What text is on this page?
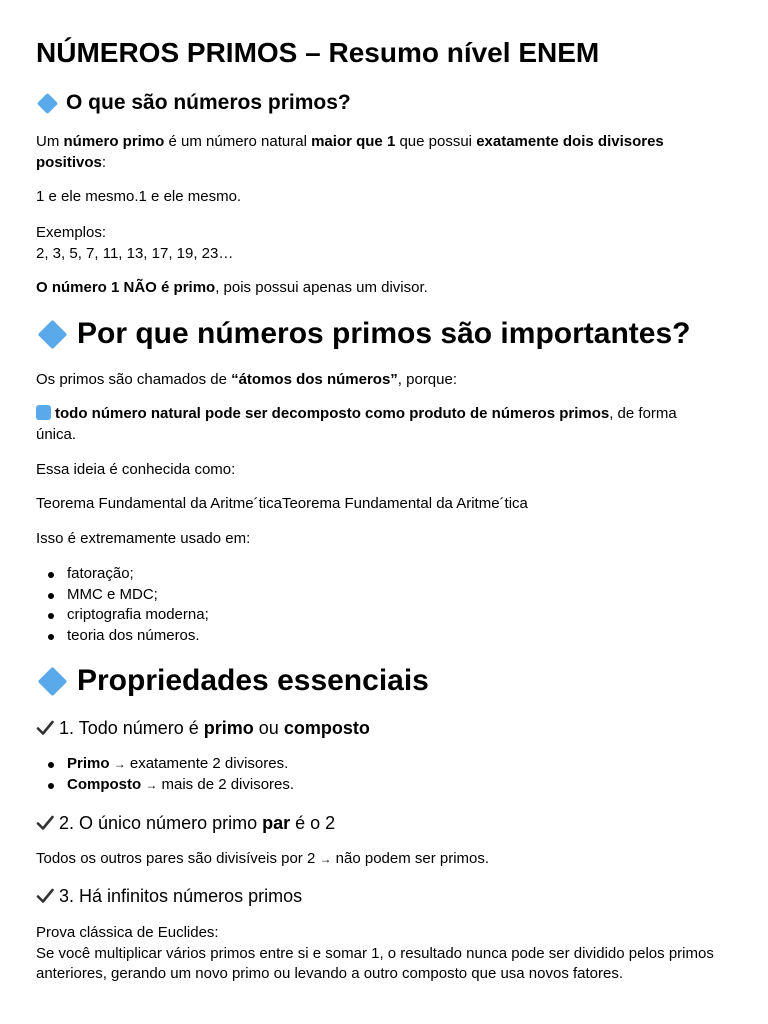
NÚMEROS PRIMOS – Resumo nível ENEM
O que são números primos?

Um número primo é um número natural maior que 1 que possui exatamente dois divisores positivos:

1 e ele mesmo.1 e ele mesmo.

Exemplos:
2, 3, 5, 7, 11, 13, 17, 19, 23…

O número 1 NÃO é primo, pois possui apenas um divisor.

Por que números primos são importantes?

Os primos são chamados de “átomos dos números”, porque:

todo número natural pode ser decomposto como produto de números primos, de forma única.

Essa ideia é conhecida como:

Teorema Fundamental da Aritme´ticaTeorema Fundamental da Aritme´tica

Isso é extremamente usado em:

fatoração;
MMC e MDC;
criptografia moderna;
teoria dos números.
Propriedades essenciais
1. Todo número é primo ou composto
Primo → exatamente 2 divisores.
Composto → mais de 2 divisores.
2. O único número primo par é o 2

Todos os outros pares são divisíveis por 2 → não podem ser primos.

3. Há infinitos números primos

Prova clássica de Euclides:
Se você multiplicar vários primos entre si e somar 1, o resultado nunca pode ser dividido pelos primos anteriores, gerando um novo primo ou levando a outro composto que usa novos fatores.
